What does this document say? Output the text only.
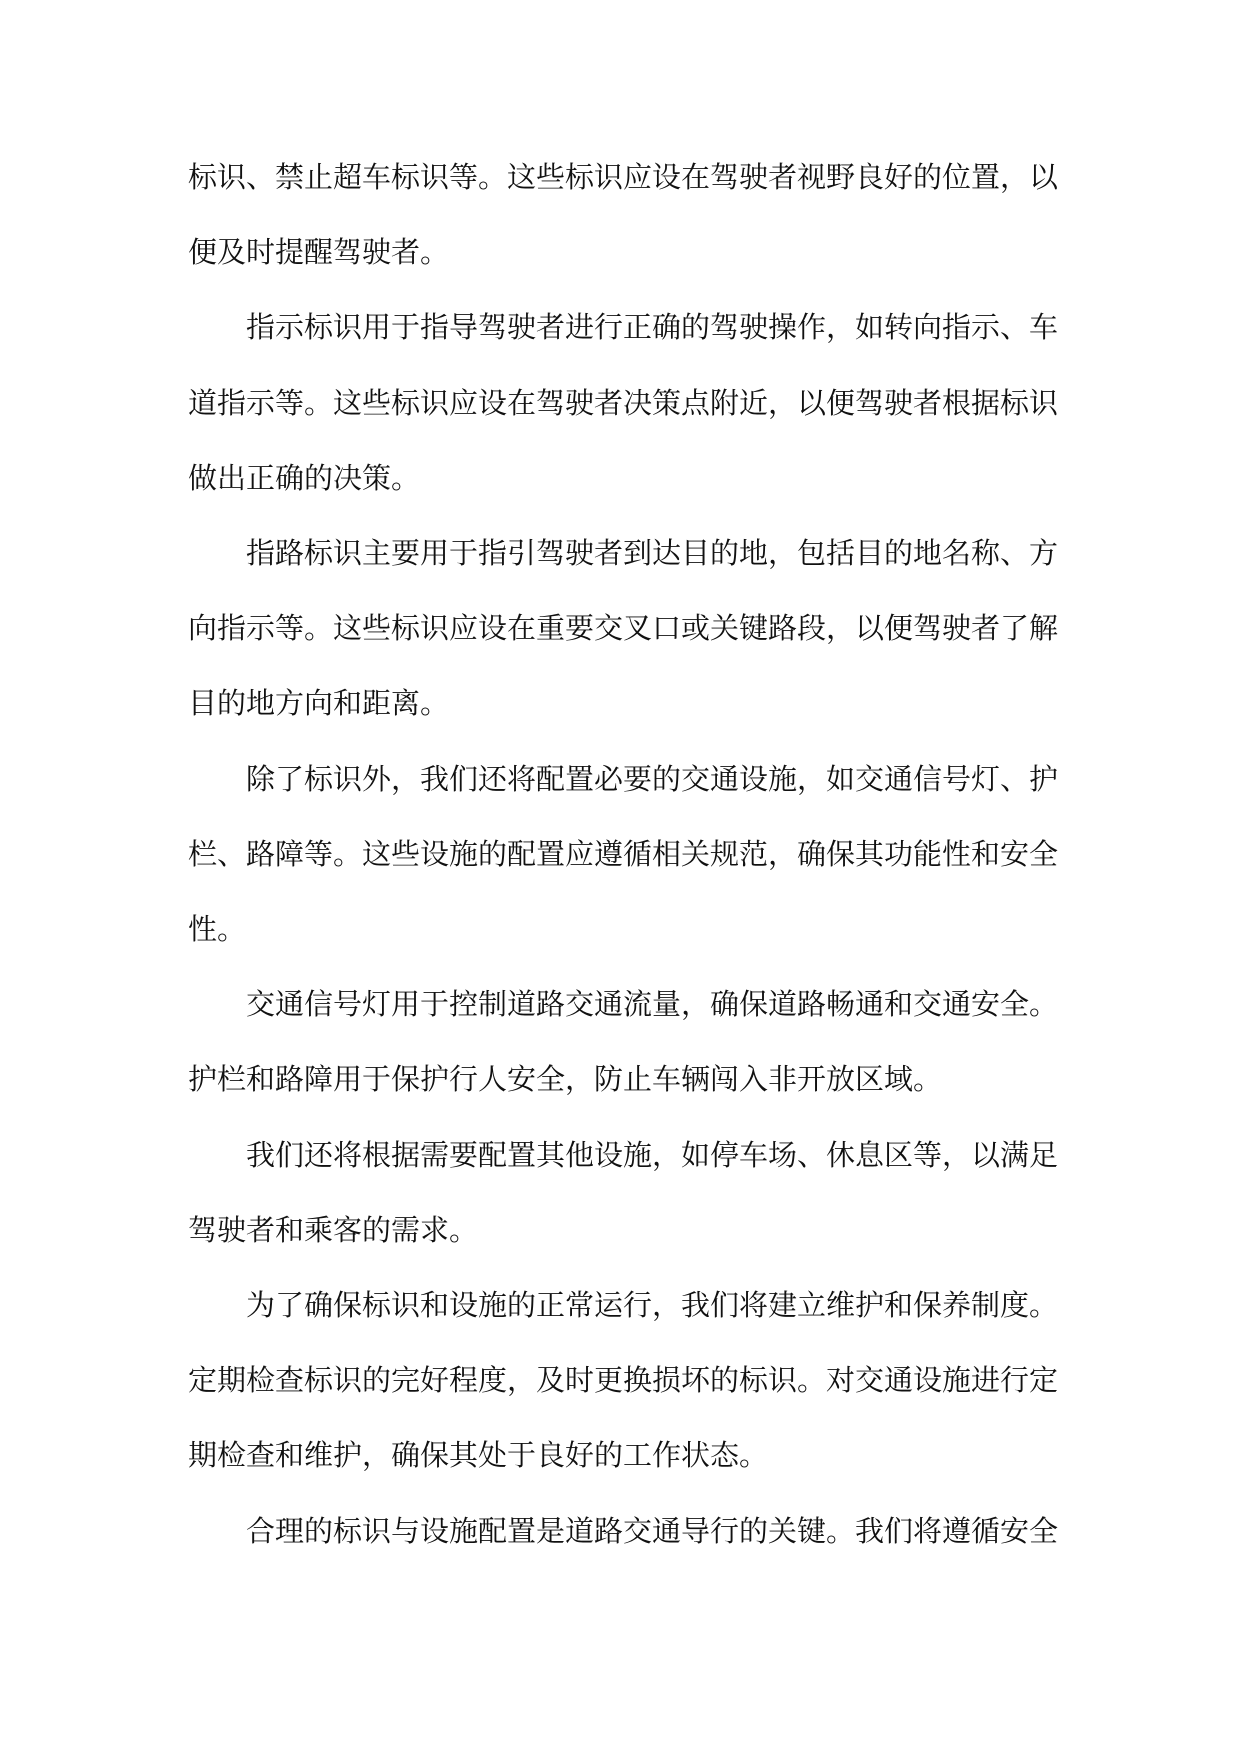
标识、禁止超车标识等。这些标识应设在驾驶者视野良好的位置，以便及时提醒驾驶者。

指示标识用于指导驾驶者进行正确的驾驶操作，如转向指示、车道指示等。这些标识应设在驾驶者决策点附近，以便驾驶者根据标识做出正确的决策。

指路标识主要用于指引驾驶者到达目的地，包括目的地名称、方向指示等。这些标识应设在重要交叉口或关键路段，以便驾驶者了解目的地方向和距离。

除了标识外，我们还将配置必要的交通设施，如交通信号灯、护栏、路障等。这些设施的配置应遵循相关规范，确保其功能性和安全性。

交通信号灯用于控制道路交通流量，确保道路畅通和交通安全。护栏和路障用于保护行人安全，防止车辆闯入非开放区域。

我们还将根据需要配置其他设施，如停车场、休息区等，以满足驾驶者和乘客的需求。

为了确保标识和设施的正常运行，我们将建立维护和保养制度。定期检查标识的完好程度，及时更换损坏的标识。对交通设施进行定期检查和维护，确保其处于良好的工作状态。

合理的标识与设施配置是道路交通导行的关键。我们将遵循安全
